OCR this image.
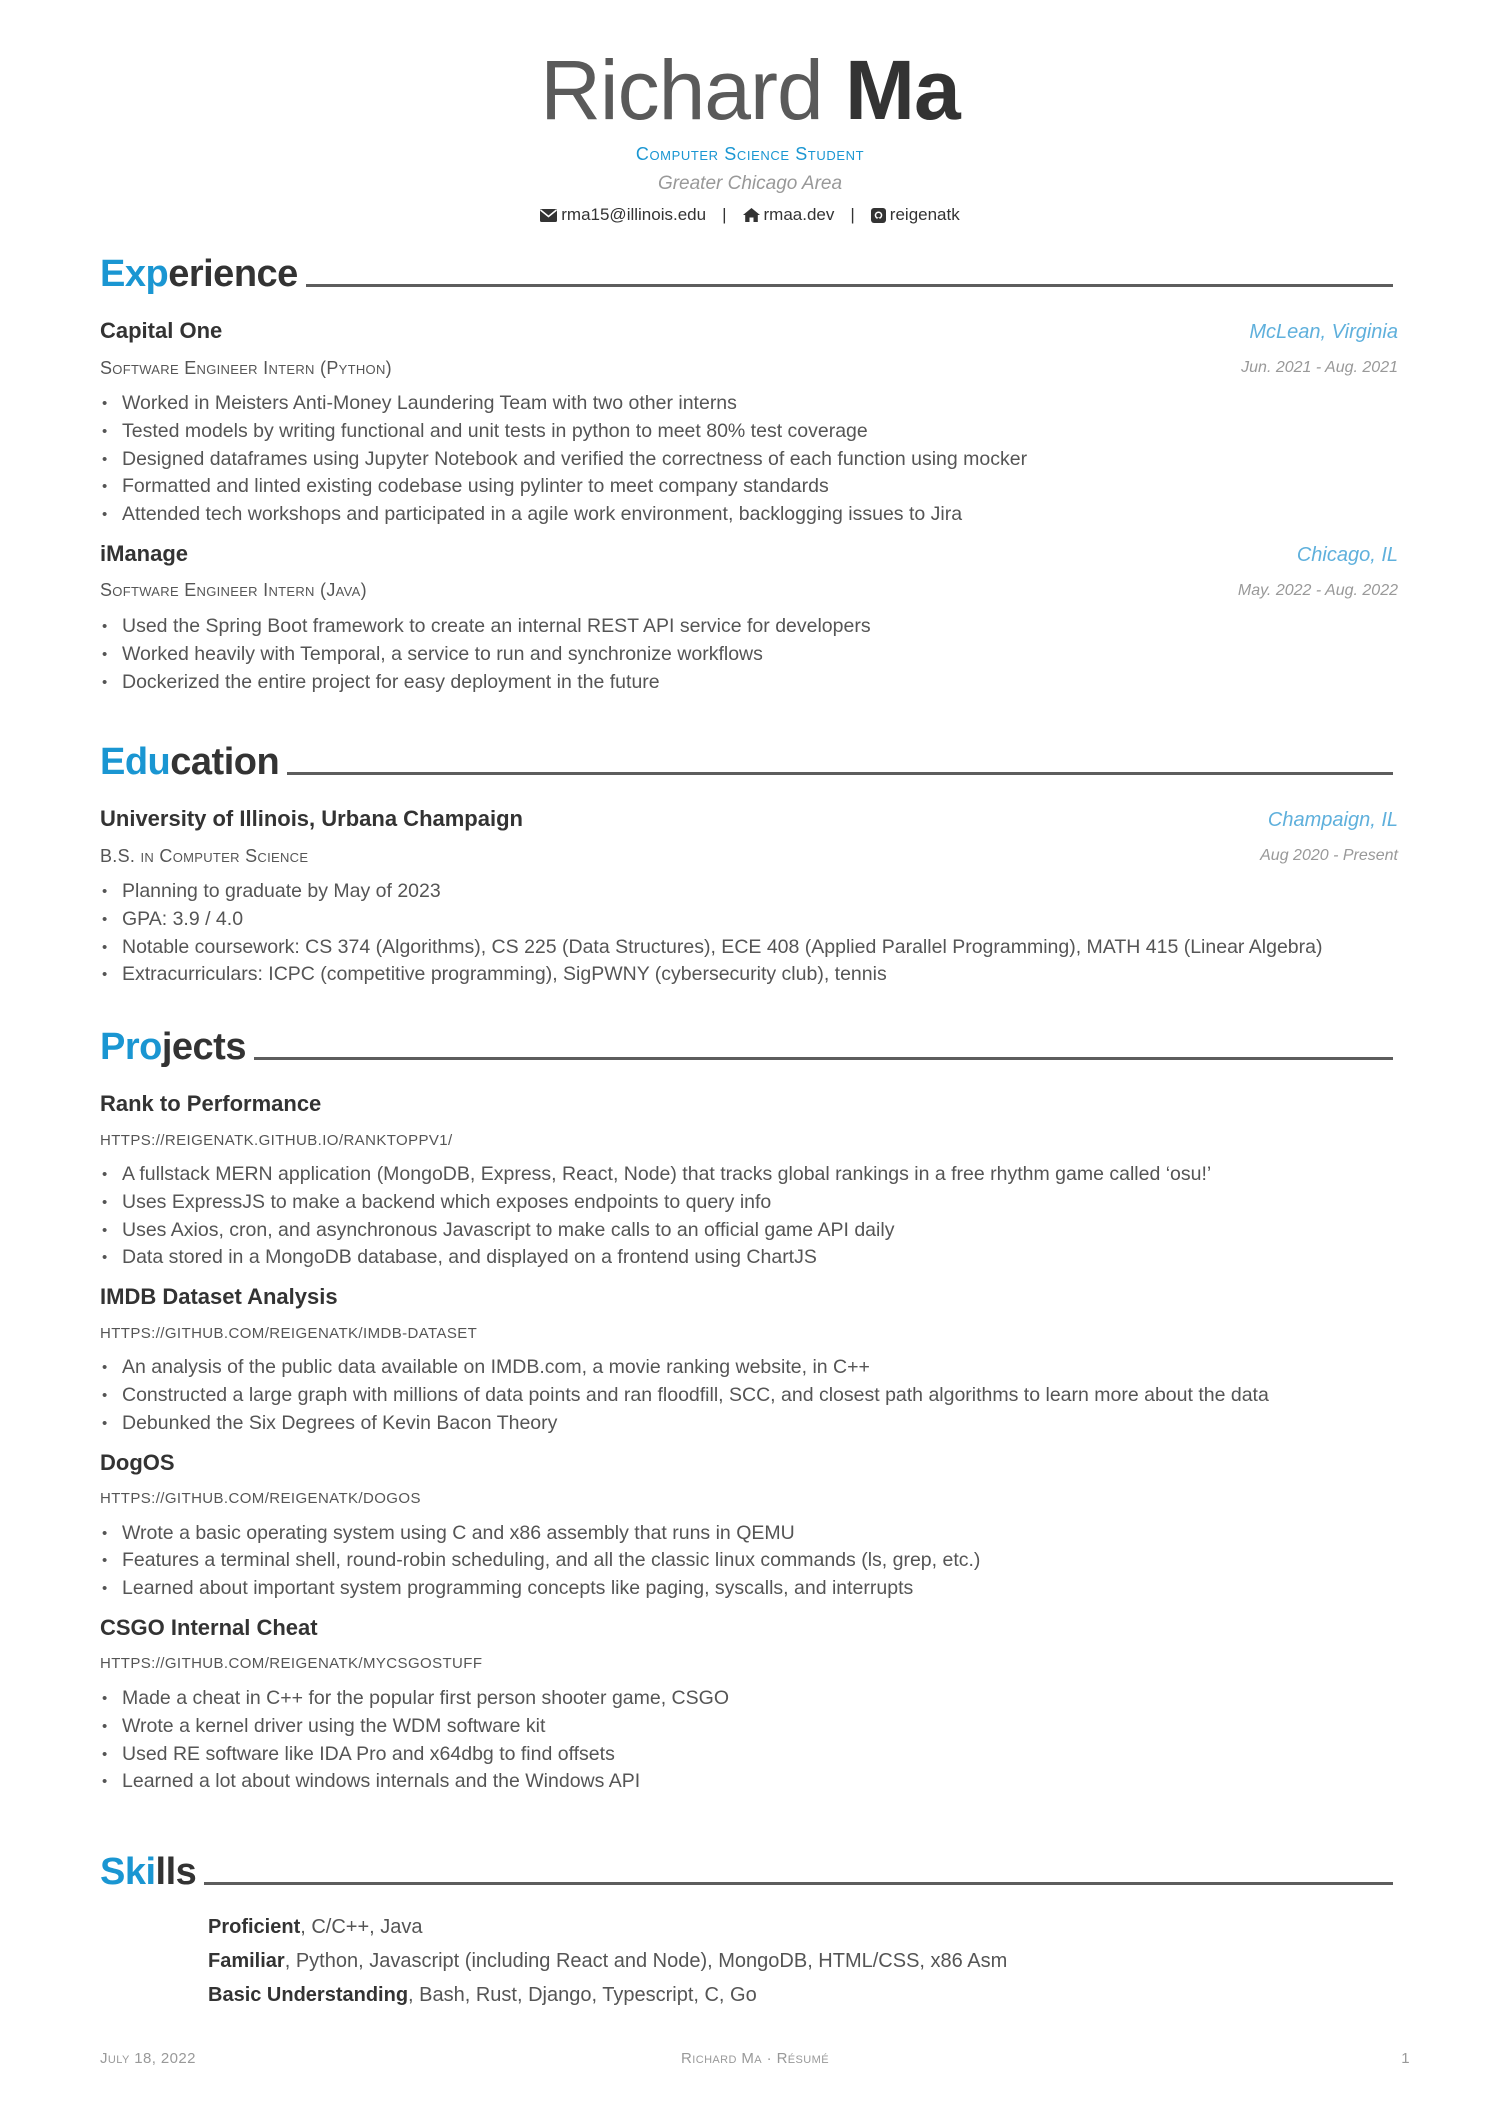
Richard Ma
Computer Science Student
Greater Chicago Area
rma15@illinois.edu | rmaa.dev | reigenatk
Experience
Capital One	McLean, Virginia
Software Engineer Intern (Python)	Jun. 2021 - Aug. 2021
• Worked in Meisters Anti-Money Laundering Team with two other interns
• Tested models by writing functional and unit tests in python to meet 80% test coverage
• Designed dataframes using Jupyter Notebook and verified the correctness of each function using mocker
• Formatted and linted existing codebase using pylinter to meet company standards
• Attended tech workshops and participated in a agile work environment, backlogging issues to Jira
iManage	Chicago, IL
Software Engineer Intern (Java)	May. 2022 - Aug. 2022
• Used the Spring Boot framework to create an internal REST API service for developers
• Worked heavily with Temporal, a service to run and synchronize workflows
• Dockerized the entire project for easy deployment in the future
Education
University of Illinois, Urbana Champaign	Champaign, IL
B.S. in Computer Science	Aug 2020 - Present
• Planning to graduate by May of 2023
• GPA: 3.9 / 4.0
• Notable coursework: CS 374 (Algorithms), CS 225 (Data Structures), ECE 408 (Applied Parallel Programming), MATH 415 (Linear Algebra)
• Extracurriculars: ICPC (competitive programming), SigPWNY (cybersecurity club), tennis
Projects
Rank to Performance
HTTPS://REIGENATK.GITHUB.IO/RANKTOPPV1/
• A fullstack MERN application (MongoDB, Express, React, Node) that tracks global rankings in a free rhythm game called ‘osu!’
• Uses ExpressJS to make a backend which exposes endpoints to query info
• Uses Axios, cron, and asynchronous Javascript to make calls to an official game API daily
• Data stored in a MongoDB database, and displayed on a frontend using ChartJS
IMDB Dataset Analysis
HTTPS://GITHUB.COM/REIGENATK/IMDB-DATASET
• An analysis of the public data available on IMDB.com, a movie ranking website, in C++
• Constructed a large graph with millions of data points and ran floodfill, SCC, and closest path algorithms to learn more about the data
• Debunked the Six Degrees of Kevin Bacon Theory
DogOS
HTTPS://GITHUB.COM/REIGENATK/DOGOS
• Wrote a basic operating system using C and x86 assembly that runs in QEMU
• Features a terminal shell, round-robin scheduling, and all the classic linux commands (ls, grep, etc.)
• Learned about important system programming concepts like paging, syscalls, and interrupts
CSGO Internal Cheat
HTTPS://GITHUB.COM/REIGENATK/MYCSGOSTUFF
• Made a cheat in C++ for the popular first person shooter game, CSGO
• Wrote a kernel driver using the WDM software kit
• Used RE software like IDA Pro and x64dbg to find offsets
• Learned a lot about windows internals and the Windows API
Skills
Proficient, C/C++, Java
Familiar, Python, Javascript (including React and Node), MongoDB, HTML/CSS, x86 Asm
Basic Understanding, Bash, Rust, Django, Typescript, C, Go
July 18, 2022	Richard Ma · Résumé	1
